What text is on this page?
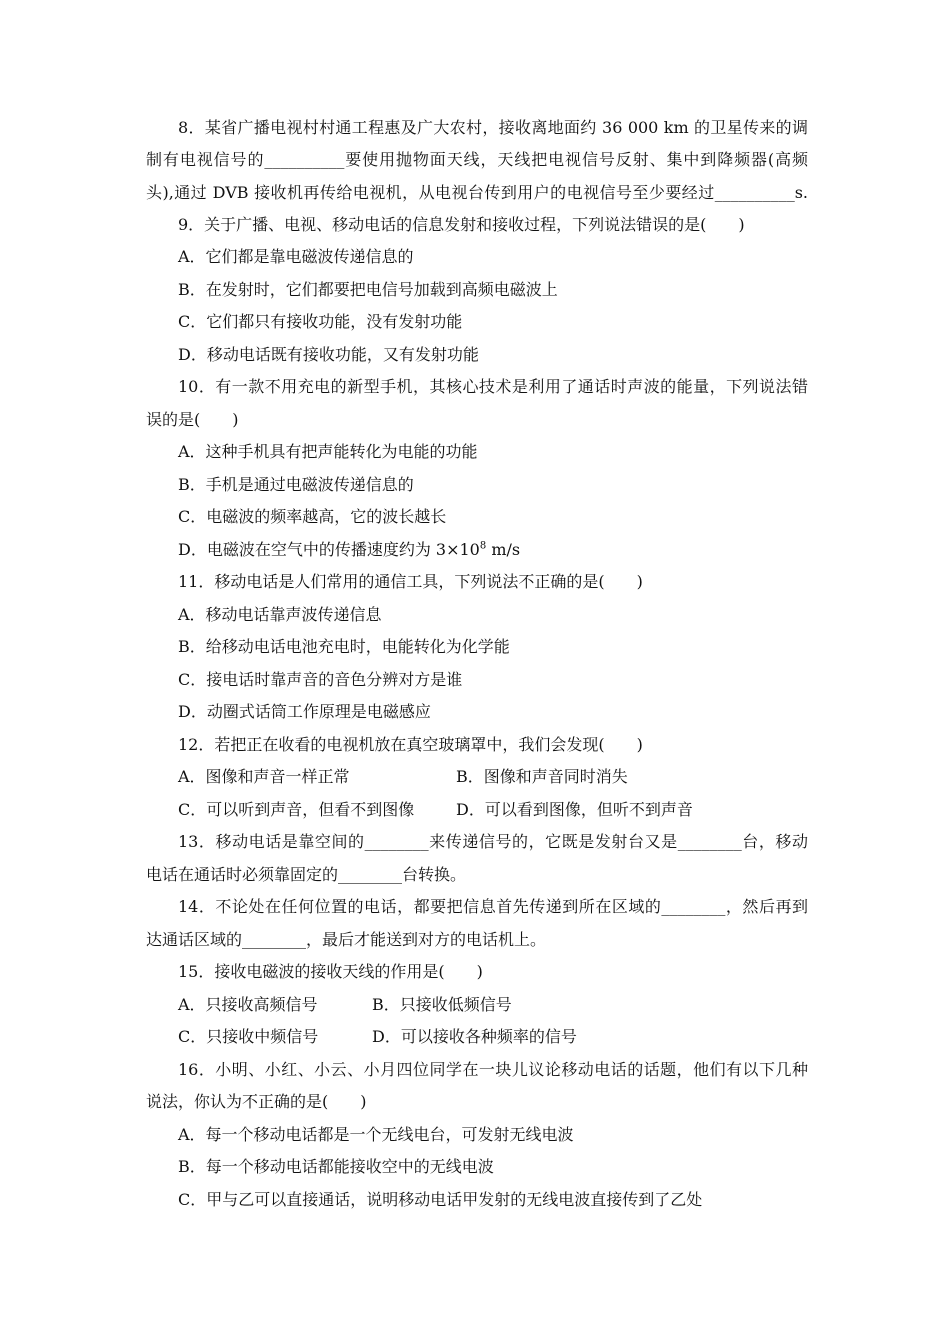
8．某省广播电视村村通工程惠及广大农村，接收离地面约 36 000 km 的卫星传来的调
制有电视信号的__________要使用抛物面天线，天线把电视信号反射、集中到降频器(高频
头),通过 DVB 接收机再传给电视机，从电视台传到用户的电视信号至少要经过__________s.
9．关于广播、电视、移动电话的信息发射和接收过程，下列说法错误的是(　　)
A．它们都是靠电磁波传递信息的
B．在发射时，它们都要把电信号加载到高频电磁波上
C．它们都只有接收功能，没有发射功能
D．移动电话既有接收功能，又有发射功能
10．有一款不用充电的新型手机，其核心技术是利用了通话时声波的能量，下列说法错
误的是(　　)
A．这种手机具有把声能转化为电能的功能
B．手机是通过电磁波传递信息的
C．电磁波的频率越高，它的波长越长
D．电磁波在空气中的传播速度约为 $3\times 10^8$ m/s
11．移动电话是人们常用的通信工具，下列说法不正确的是(　　)
A．移动电话靠声波传递信息
B．给移动电话电池充电时，电能转化为化学能
C．接电话时靠声音的音色分辨对方是谁
D．动圈式话筒工作原理是电磁感应
12．若把正在收看的电视机放在真空玻璃罩中，我们会发现(　　)
A．图像和声音一样正常	B．图像和声音同时消失
C．可以听到声音，但看不到图像	D．可以看到图像，但听不到声音
13．移动电话是靠空间的________来传递信号的，它既是发射台又是________台，移动
电话在通话时必须靠固定的________台转换。
14．不论处在任何位置的电话，都要把信息首先传递到所在区域的________，然后再到
达通话区域的________，最后才能送到对方的电话机上。
15．接收电磁波的接收天线的作用是(　　)
A．只接收高频信号	B．只接收低频信号
C．只接收中频信号	D．可以接收各种频率的信号
16．小明、小红、小云、小月四位同学在一块儿议论移动电话的话题，他们有以下几种
说法，你认为不正确的是(　　)
A．每一个移动电话都是一个无线电台，可发射无线电波
B．每一个移动电话都能接收空中的无线电波
C．甲与乙可以直接通话，说明移动电话甲发射的无线电波直接传到了乙处
